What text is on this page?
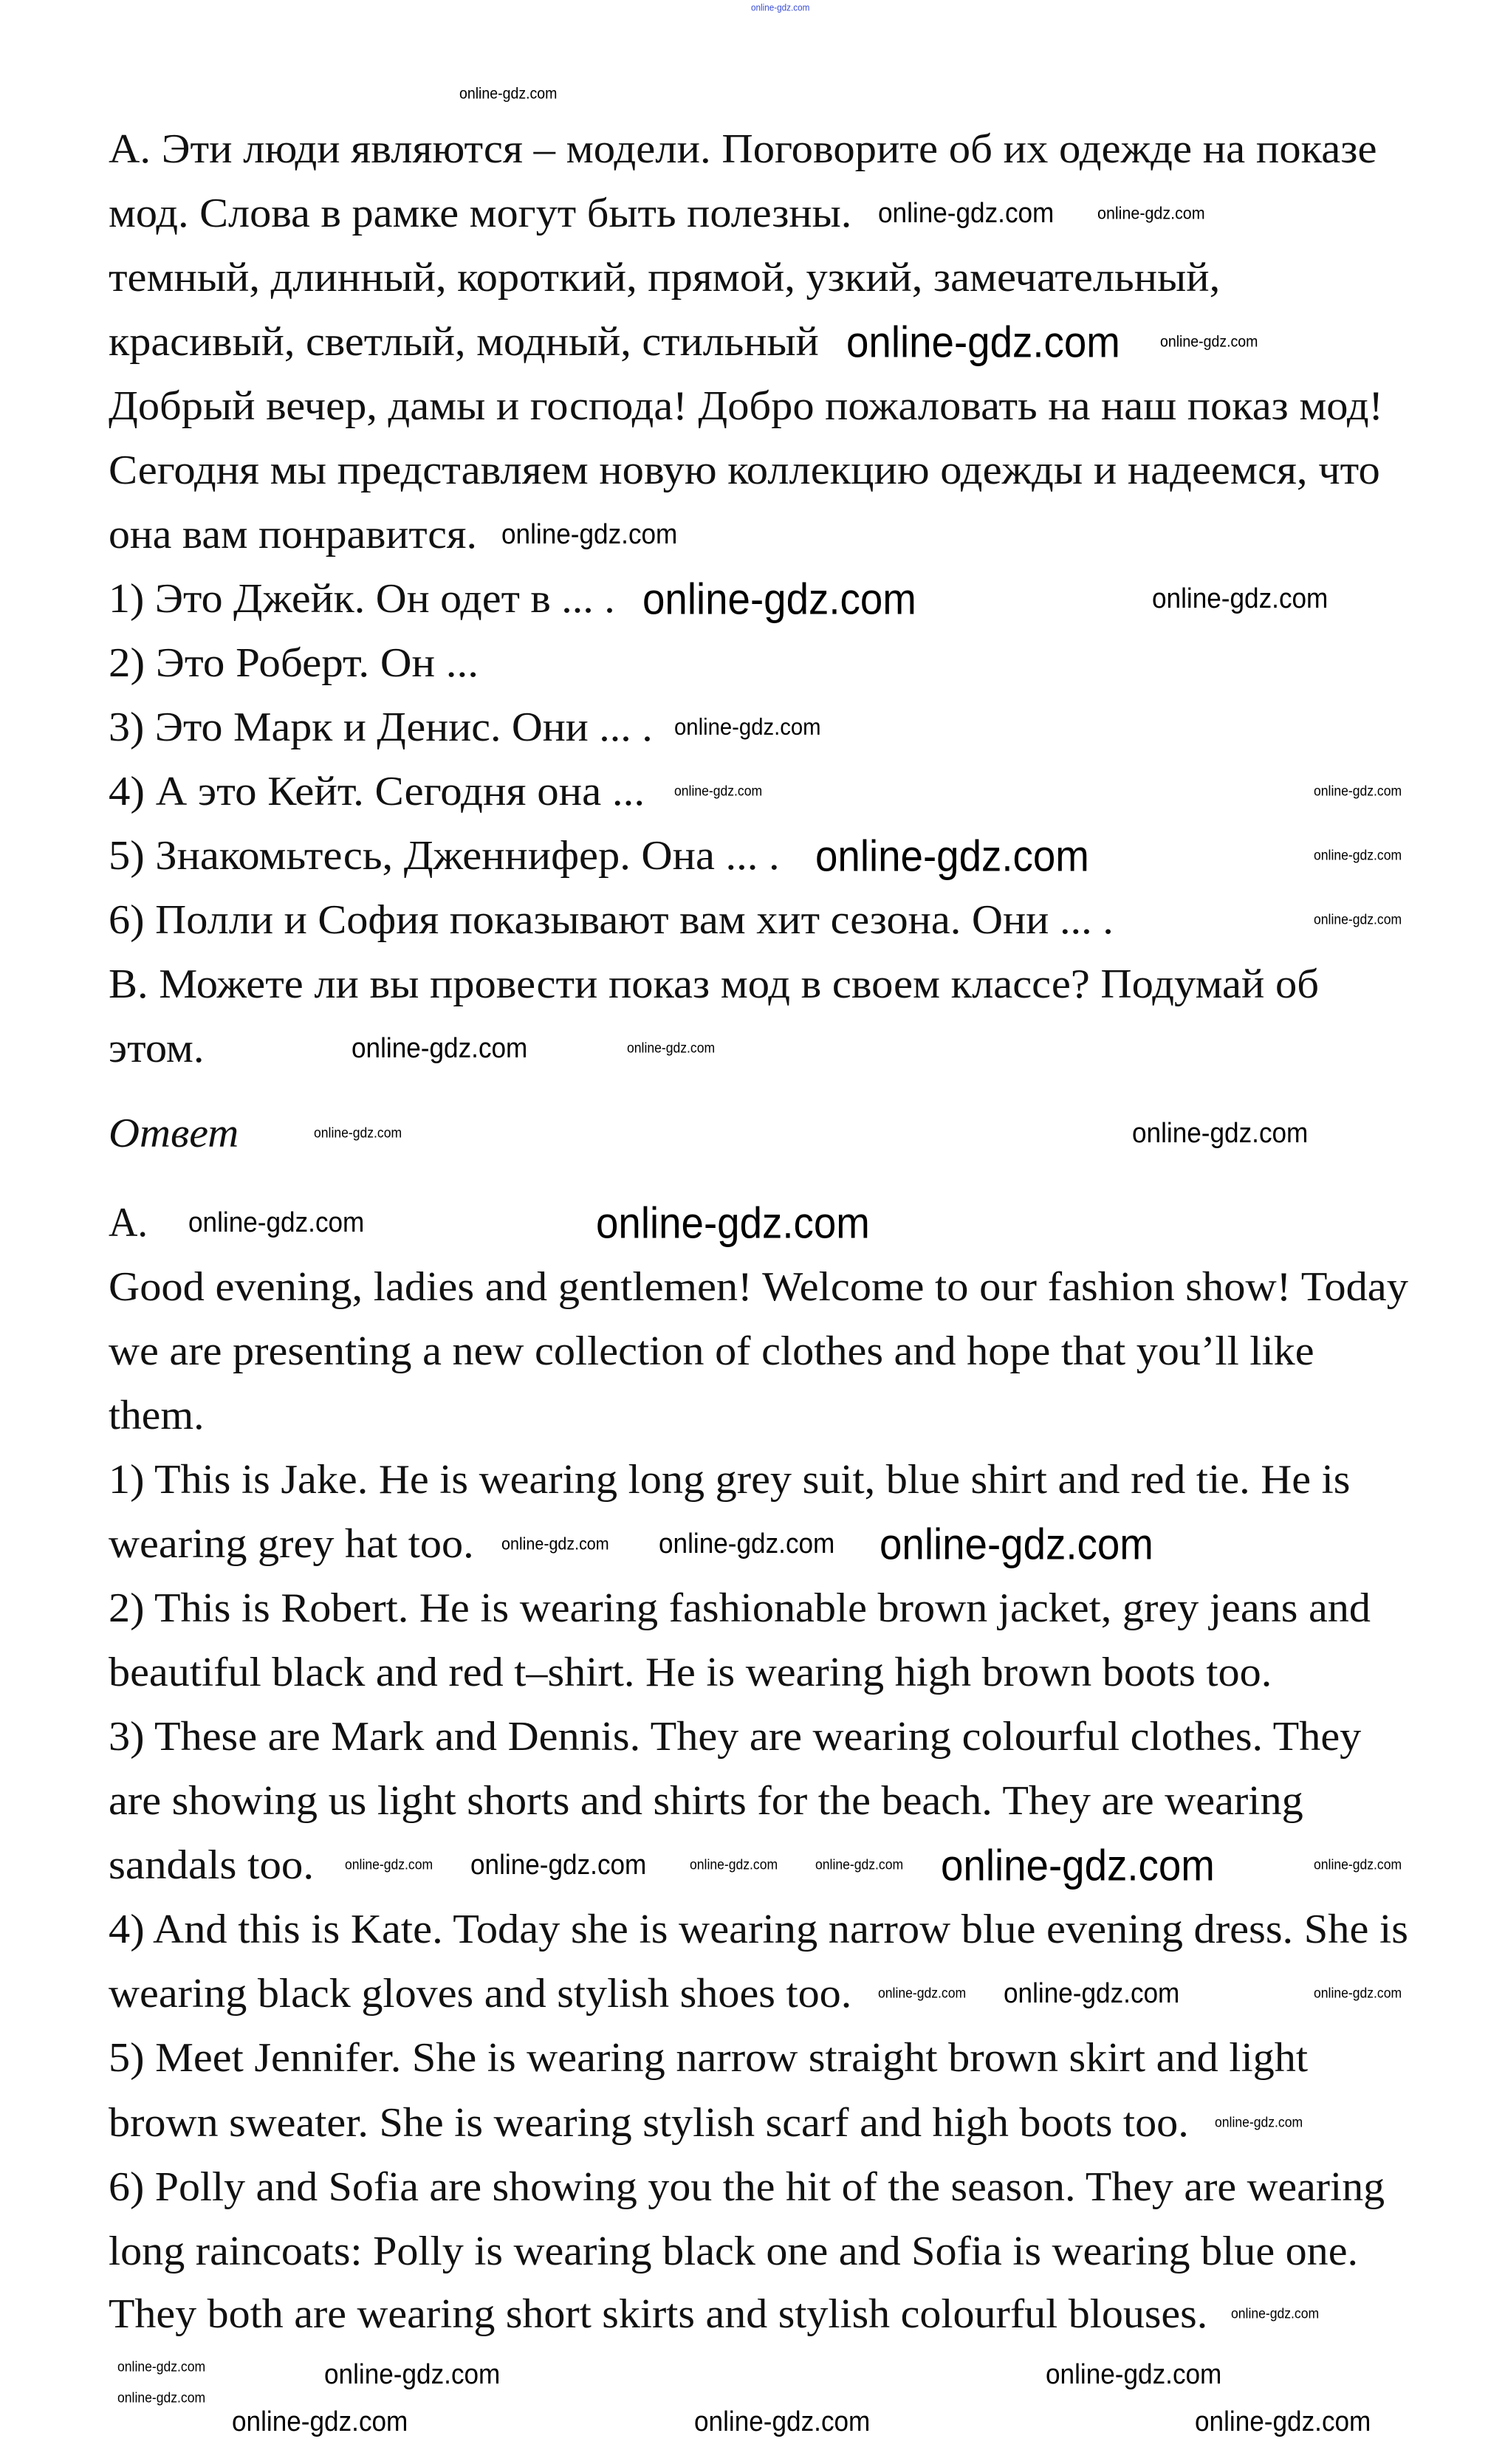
А. Эти люди являются – модели. Поговорите об их одежде на показе
мод. Слова в рамке могут быть полезны.
темный, длинный, короткий, прямой, узкий, замечательный,
красивый, светлый, модный, стильный
Добрый вечер, дамы и господа! Добро пожаловать на наш показ мод!
Сегодня мы представляем новую коллекцию одежды и надеемся, что
она вам понравится.
1) Это Джейк. Он одет в ... .
2) Это Роберт. Он ...
3) Это Марк и Денис. Они ... .
4) А это Кейт. Сегодня она ...
5) Знакомьтесь, Дженнифер. Она ... .
6) Полли и София показывают вам хит сезона. Они ... .
B. Можете ли вы провести показ мод в своем классе? Подумай об
этом.
Ответ
A.
Good evening, ladies and gentlemen! Welcome to our fashion show! Today
we are presenting a new collection of clothes and hope that you’ll like
them.
1) This is Jake. He is wearing long grey suit, blue shirt and red tie. He is
wearing grey hat too.
2) This is Robert. He is wearing fashionable brown jacket, grey jeans and
beautiful black and red t–shirt. He is wearing high brown boots too.
3) These are Mark and Dennis. They are wearing colourful clothes. They
are showing us light shorts and shirts for the beach. They are wearing
sandals too.
4) And this is Kate. Today she is wearing narrow blue evening dress. She is
wearing black gloves and stylish shoes too.
5) Meet Jennifer. She is wearing narrow straight brown skirt and light
brown sweater. She is wearing stylish scarf and high boots too.
6) Polly and Sofia are showing you the hit of the season. They are wearing
long raincoats: Polly is wearing black one and Sofia is wearing blue one.
They both are wearing short skirts and stylish colourful blouses.
online-gdz.com
online-gdz.com
online-gdz.com	online-gdz.com
online-gdz.com	online-gdz.com
online-gdz.com
online-gdz.com	online-gdz.com
online-gdz.com
online-gdz.com
online-gdz.com
online-gdz.com	online-gdz.com
online-gdz.com
online-gdz.com
online-gdz.com
online-gdz.com	online-gdz.com
online-gdz.com
online-gdz.com
online-gdz.com online-gdz.com online-gdz.com
online-gdz.com online-gdz.com	online-gdz.com	online-gdz.com	online-gdz.com
online-gdz.com
online-gdz.com	online-gdz.com
online-gdz.com
online-gdz.com
online-gdz.com
online-gdz.com	online-gdz.com	online-gdz.com
online-gdz.com
online-gdz.com
online-gdz.com	online-gdz.com
